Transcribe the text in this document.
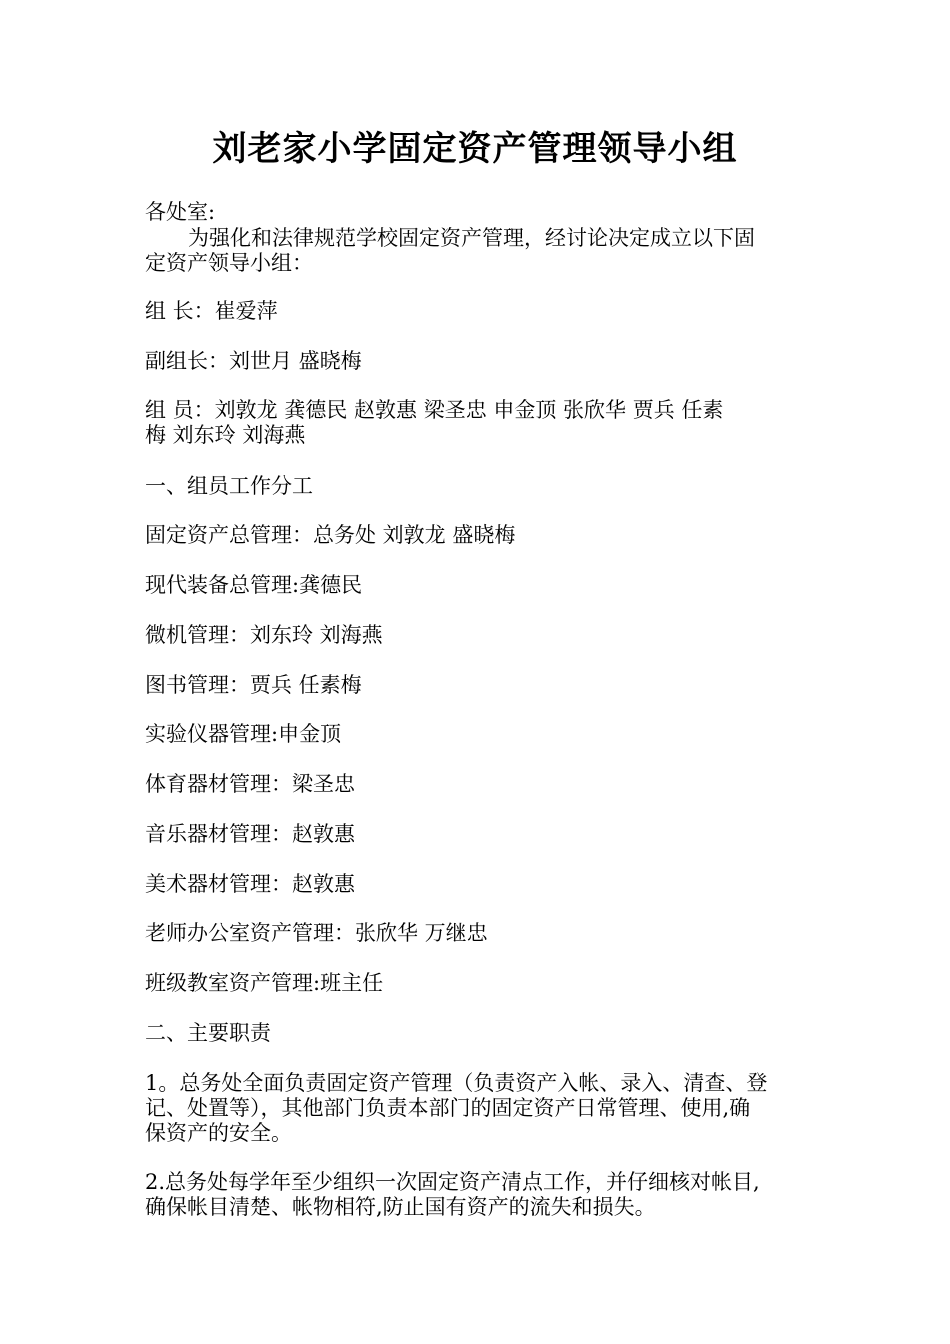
刘老家小学固定资产管理领导小组
各处室:
为强化和法律规范学校固定资产管理，经讨论决定成立以下固
定资产领导小组：
组 长：崔爱萍
副组长：刘世月 盛晓梅
组 员：刘敦龙 龚德民 赵敦惠 梁圣忠 申金顶 张欣华 贾兵 任素
梅 刘东玲 刘海燕
一、组员工作分工
固定资产总管理：总务处 刘敦龙 盛晓梅
现代装备总管理:龚德民
微机管理：刘东玲 刘海燕
图书管理：贾兵 任素梅
实验仪器管理:申金顶
体育器材管理：梁圣忠
音乐器材管理：赵敦惠
美术器材管理：赵敦惠
老师办公室资产管理：张欣华 万继忠
班级教室资产管理:班主任
二、主要职责
1。总务处全面负责固定资产管理（负责资产入帐、录入、清查、登
记、处置等），其他部门负责本部门的固定资产日常管理、使用,确
保资产的安全。
2.总务处每学年至少组织一次固定资产清点工作，并仔细核对帐目,
确保帐目清楚、帐物相符,防止国有资产的流失和损失。
